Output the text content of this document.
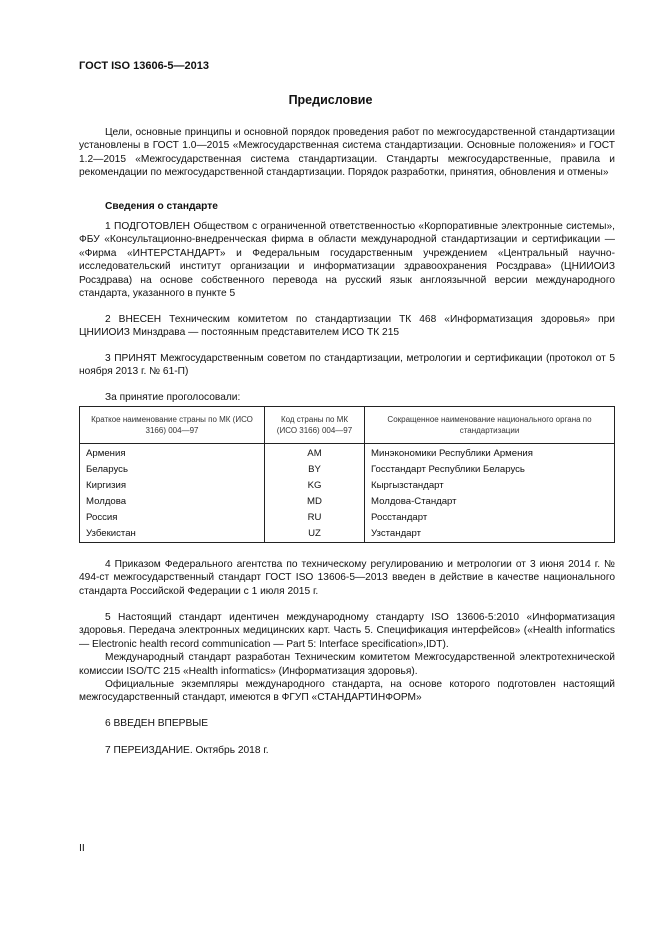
ГОСТ ISO 13606-5—2013
Предисловие

Цели, основные принципы и основной порядок проведения работ по межгосударственной стандартизации установлены в ГОСТ 1.0—2015 «Межгосударственная система стандартизации. Основные положения» и ГОСТ 1.2—2015 «Межгосударственная система стандартизации. Стандарты межгосударственные, правила и рекомендации по межгосударственной стандартизации. Порядок разработки, принятия, обновления и отмены»

Сведения о стандарте

1 ПОДГОТОВЛЕН Обществом с ограниченной ответственностью «Корпоративные электронные системы», ФБУ «Консультационно-внедренческая фирма в области международной стандартизации и сертификации — «Фирма «ИНТЕРСТАНДАРТ» и Федеральным государственным учреждением «Центральный научно-исследовательский институт организации и информатизации здравоохранения Росздрава» (ЦНИИОИЗ Росздрава) на основе собственного перевода на русский язык англоязычной версии международного стандарта, указанного в пункте 5

2 ВНЕСЕН Техническим комитетом по стандартизации ТК 468 «Информатизация здоровья» при ЦНИИОИЗ Минздрава — постоянным представителем ИСО ТК 215

3 ПРИНЯТ Межгосударственным советом по стандартизации, метрологии и сертификации (протокол от 5 ноября 2013 г. № 61-П)

За принятие проголосовали:

Краткое наименование страны по МК (ИСО 3166) 004—97	Код страны по МК (ИСО 3166) 004—97	Сокращенное наименование национального органа по стандартизации
Армения	AM	Минэкономики Республики Армения
Беларусь	BY	Госстандарт Республики Беларусь
Киргизия	KG	Кыргызстандарт
Молдова	MD	Молдова-Стандарт
Россия	RU	Росстандарт
Узбекистан	UZ	Узстандарт

4 Приказом Федерального агентства по техническому регулированию и метрологии от 3 июня 2014 г. № 494-ст межгосударственный стандарт ГОСТ ISO 13606-5—2013 введен в действие в качестве национального стандарта Российской Федерации с 1 июля 2015 г.

5 Настоящий стандарт идентичен международному стандарту ISO 13606-5:2010 «Информатизация здоровья. Передача электронных медицинских карт. Часть 5. Спецификация интерфейсов» («Health informatics — Electronic health record communication — Part 5: Interface specification»,IDT).

Международный стандарт разработан Техническим комитетом Межгосударственной электротехнической комиссии ISO/TC 215 «Health informatics» (Информатизация здоровья).

Официальные экземпляры международного стандарта, на основе которого подготовлен настоящий межгосударственный стандарт, имеются в ФГУП «СТАНДАРТИНФОРМ»

6 ВВЕДЕН ВПЕРВЫЕ

7 ПЕРЕИЗДАНИЕ. Октябрь 2018 г.

II
